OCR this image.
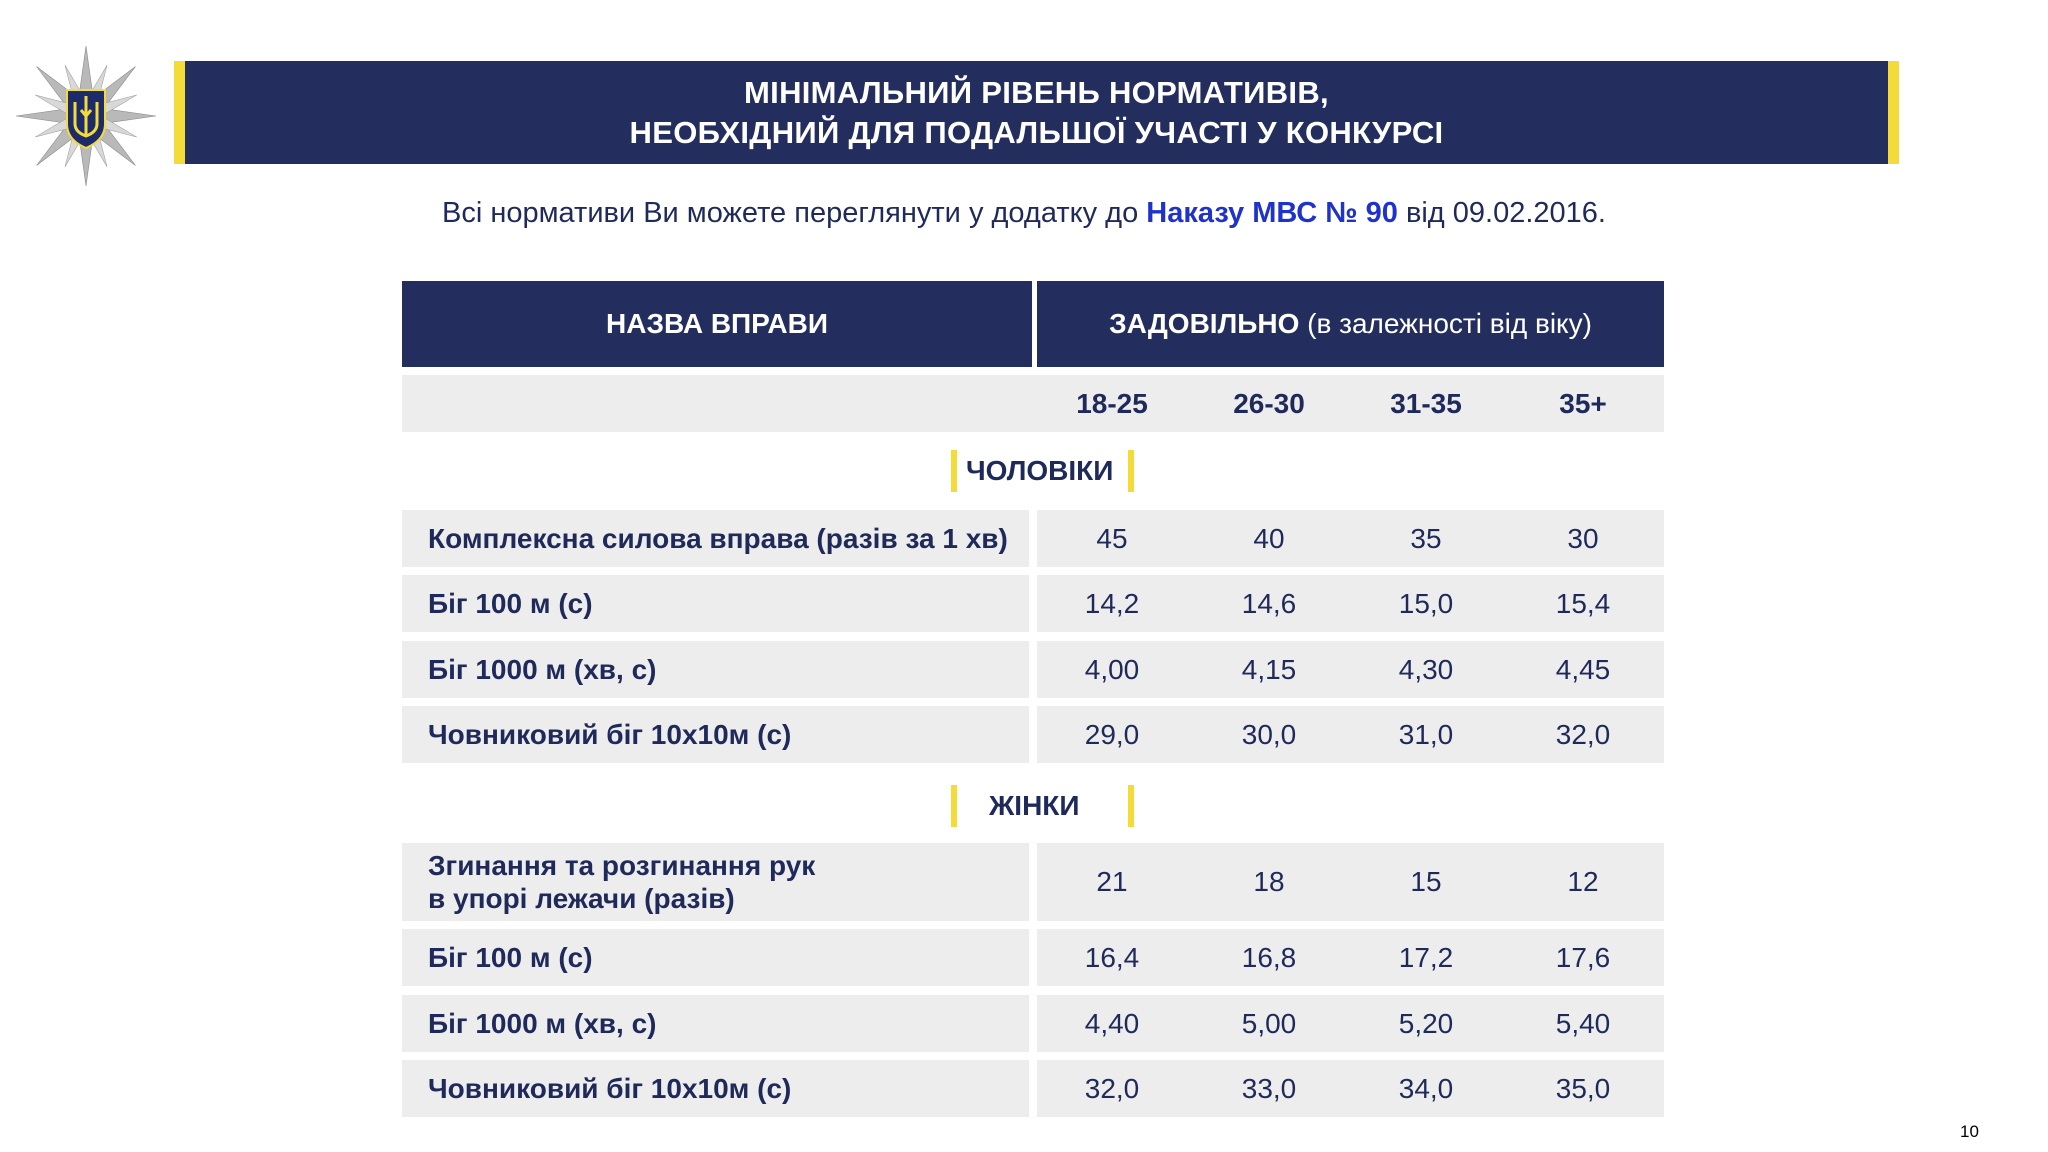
МІНІМАЛЬНИЙ РІВЕНЬ НОРМАТИВІВ,
НЕОБХІДНИЙ ДЛЯ ПОДАЛЬШОЇ УЧАСТІ У КОНКУРСІ
Всі нормативи Ви можете переглянути у додатку до Наказу МВС № 90 від 09.02.2016.
НАЗВА ВПРАВИ	ЗАДОВІЛЬНО (в залежності від віку)
18-25	26-30	31-35	35+
ЧОЛОВІКИ
Комплексна силова вправа (разів за 1 хв)	45	40	35	30
Біг 100 м (с)	14,2	14,6	15,0	15,4
Біг 1000 м (хв, с)	4,00	4,15	4,30	4,45
Човниковий біг 10х10м (с)	29,0	30,0	31,0	32,0
ЖІНКИ
Згинання та розгинання рук
в упорі лежачи (разів)
21	18	15	12
Біг 100 м (с)	16,4	16,8	17,2	17,6
Біг 1000 м (хв, с)	4,40	5,00	5,20	5,40
Човниковий біг 10х10м (с)	32,0	33,0	34,0	35,0
10
